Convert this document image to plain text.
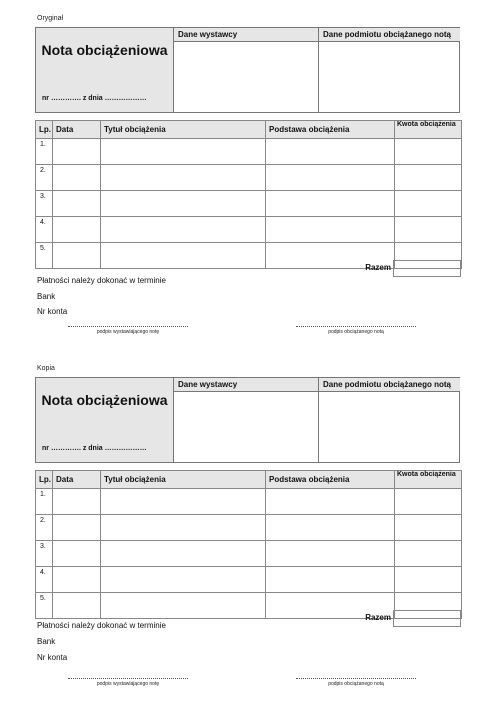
Oryginał
Nota obciążeniowa
nr …………. z dnia ………………
Dane wystawcy	Dane podmiotu obciążanego notą
Lp.	Data	Tytuł obciążenia	Podstawa obciążenia	Kwota obciążenia
1.				
2.				
3.				
4.				
5.				
Razem
Płatności należy dokonać w terminie
Bank
Nr konta
podpis wystawiającego notę	podpis obciążanego notą
Kopia
Nota obciążeniowa
nr …………. z dnia ………………
Dane wystawcy	Dane podmiotu obciążanego notą
Lp.	Data	Tytuł obciążenia	Podstawa obciążenia	Kwota obciążenia
1.				
2.				
3.				
4.				
5.				
Razem
Płatności należy dokonać w terminie
Bank
Nr konta
podpis wystawiającego notę	podpis obciążanego notą
